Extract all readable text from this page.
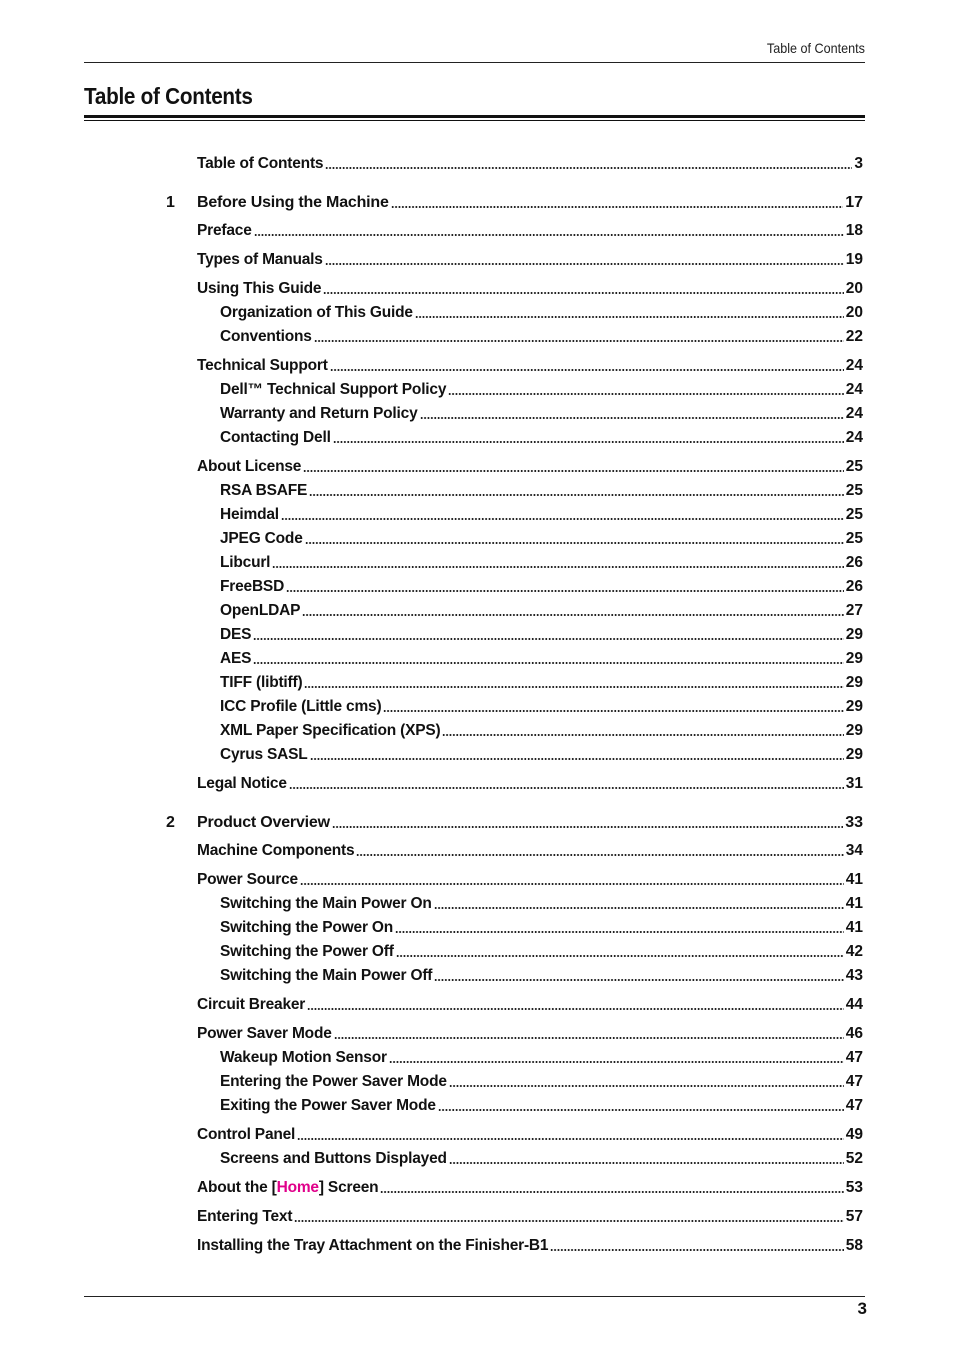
Table of Contents
Table of Contents
Table of Contents	3
1 Before Using the Machine	17
Preface	18
Types of Manuals	19
Using This Guide	20
Organization of This Guide	20
Conventions	22
Technical Support	24
Dell™ Technical Support Policy	24
Warranty and Return Policy	24
Contacting Dell	24
About License	25
RSA BSAFE	25
Heimdal	25
JPEG Code	25
Libcurl	26
FreeBSD	26
OpenLDAP	27
DES	29
AES	29
TIFF (libtiff)	29
ICC Profile (Little cms)	29
XML Paper Specification (XPS)	29
Cyrus SASL	29
Legal Notice	31
2 Product Overview	33
Machine Components	34
Power Source	41
Switching the Main Power On	41
Switching the Power On	41
Switching the Power Off	42
Switching the Main Power Off	43
Circuit Breaker	44
Power Saver Mode	46
Wakeup Motion Sensor	47
Entering the Power Saver Mode	47
Exiting the Power Saver Mode	47
Control Panel	49
Screens and Buttons Displayed	52
About the [Home] Screen	53
Entering Text	57
Installing the Tray Attachment on the Finisher-B1	58
3
